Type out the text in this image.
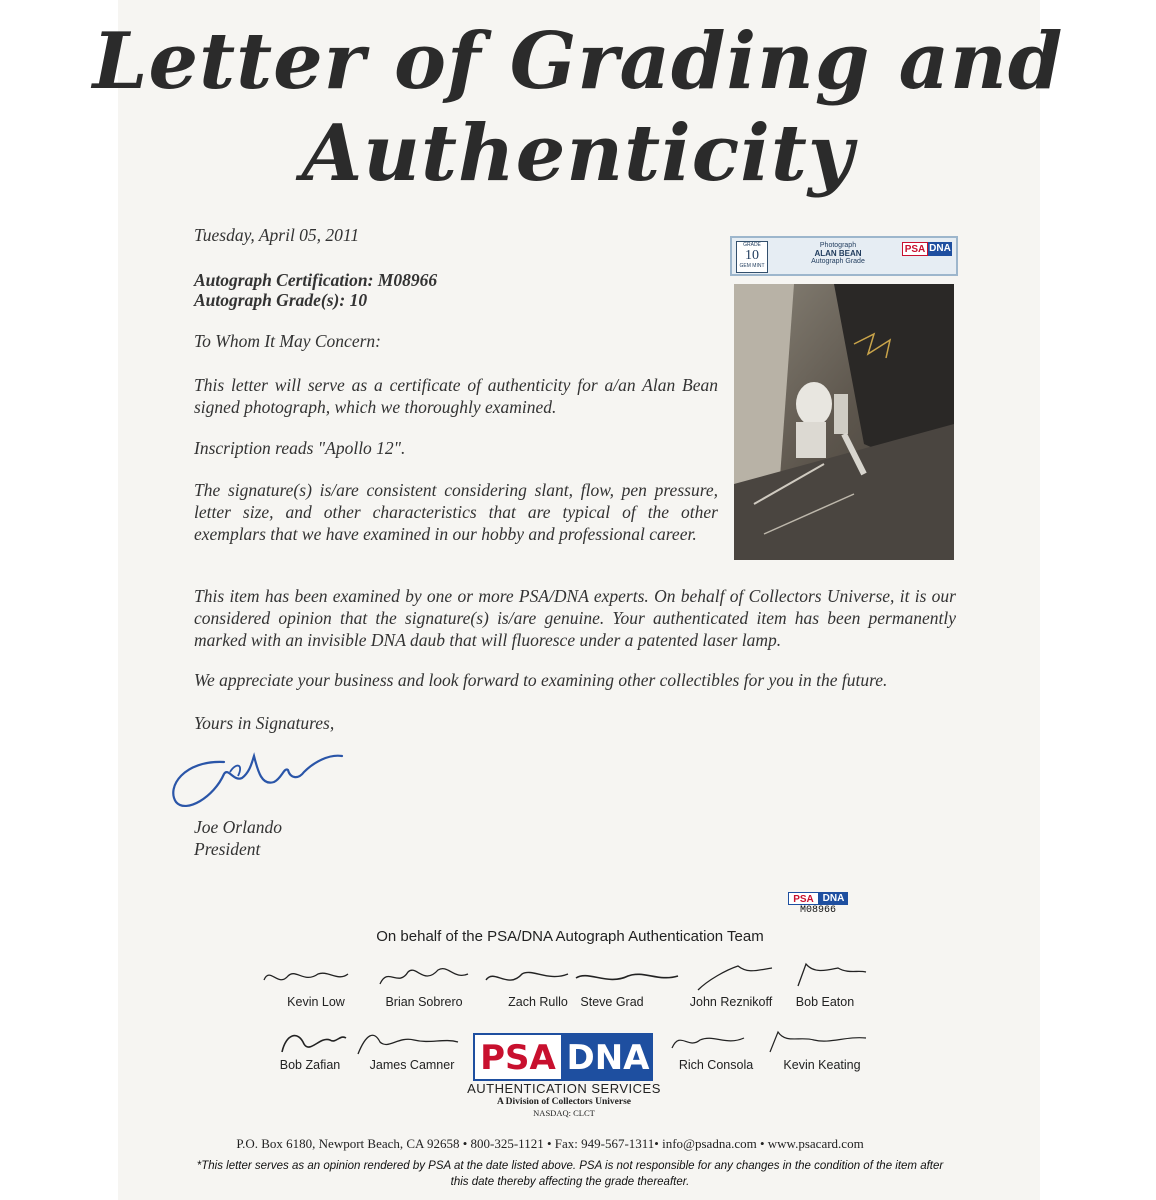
Letter of Grading and
Authenticity

Tuesday, April 05, 2011

Autograph Certification: M08966

Autograph Grade(s): 10

To Whom It May Concern:

This letter will serve as a certificate of authenticity for a/an Alan Bean signed photograph, which we thoroughly examined.

Inscription reads "Apollo 12".

The signature(s) is/are consistent considering slant, flow, pen pressure, letter size, and other characteristics that are typical of the other exemplars that we have examined in our hobby and professional career.

This item has been examined by one or more PSA/DNA experts. On behalf of Collectors Universe, it is our considered opinion that the signature(s) is/are genuine. Your authenticated item has been permanently marked with an invisible DNA daub that will fluoresce under a patented laser lamp.

We appreciate your business and look forward to examining other collectibles for you in the future.

Yours in Signatures,

Joe Orlando

President

GRADE
10
GEM MINT
Photograph
ALAN BEAN
Autograph Grade
PSA DNA
PSA DNA
M08966
On behalf of the PSA/DNA Autograph Authentication Team
Kevin Low	Brian Sobrero	Zach Rullo Steve Grad	John Reznikoff Bob Eaton
Bob Zafian James Camner	Rich Consola Kevin Keating
PSA DNA
AUTHENTICATION SERVICES
A Division of Collectors Universe
NASDAQ: CLCT
P.O. Box 6180, Newport Beach, CA 92658 • 800-325-1121 • Fax: 949-567-1311• info@psadna.com • www.psacard.com
*This letter serves as an opinion rendered by PSA at the date listed above. PSA is not responsible for any changes in the condition of the item after this date thereby affecting the grade thereafter.
